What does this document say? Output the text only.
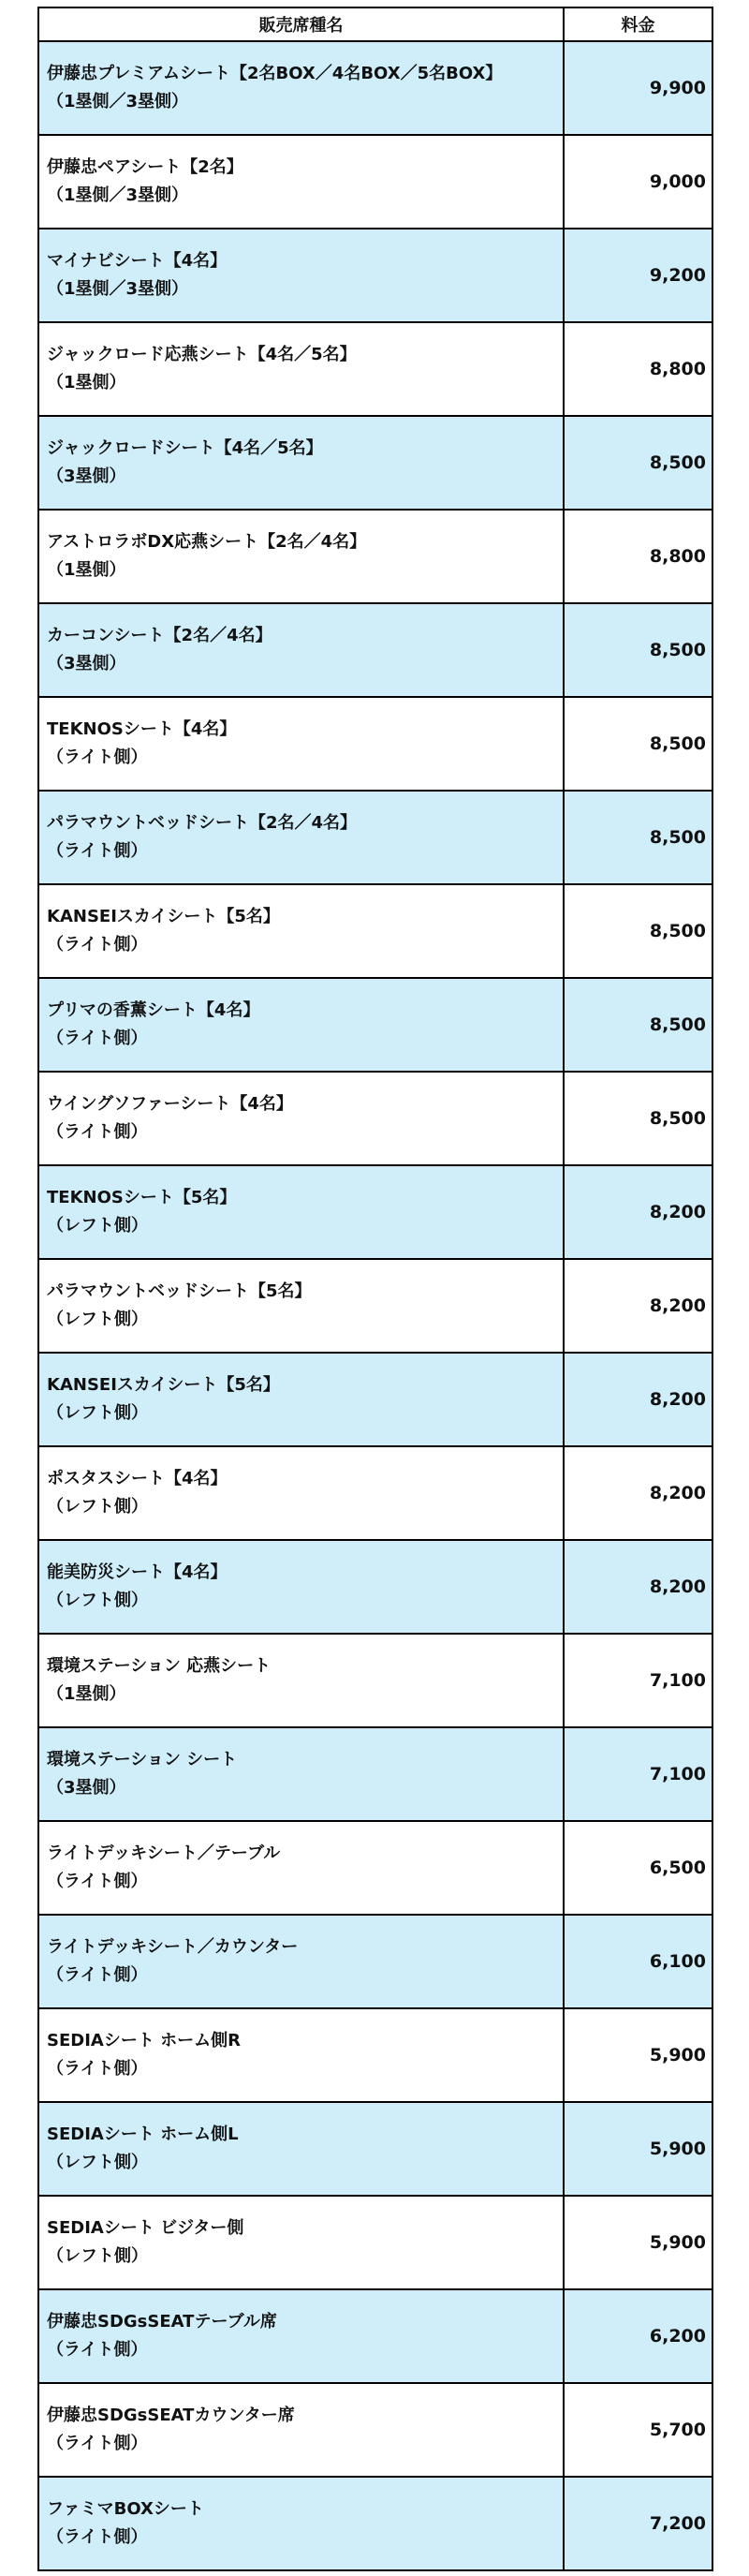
販売席種名	料金

伊藤忠プレミアムシート【2名BOX／4名BOX／5名BOX】
（1塁側／3塁側）	9,900

伊藤忠ペアシート【2名】
（1塁側／3塁側）	9,000

マイナビシート【4名】
（1塁側／3塁側）	9,200

ジャックロード応燕シート【4名／5名】
（1塁側）	8,800

ジャックロードシート【4名／5名】
（3塁側）	8,500

アストロラボDX応燕シート【2名／4名】
（1塁側）	8,800

カーコンシート【2名／4名】
（3塁側）	8,500

TEKNOSシート【4名】
（ライト側）	8,500

パラマウントベッドシート【2名／4名】
（ライト側）	8,500

KANSEIスカイシート【5名】
（ライト側）	8,500

プリマの香薫シート【4名】
（ライト側）	8,500

ウイングソファーシート【4名】
（ライト側）	8,500

TEKNOSシート【5名】
（レフト側）	8,200

パラマウントベッドシート【5名】
（レフト側）	8,200

KANSEIスカイシート【5名】
（レフト側）	8,200

ポスタスシート【4名】
（レフト側）	8,200

能美防災シート【4名】
（レフト側）	8,200

環境ステーション 応燕シート
（1塁側）	7,100

環境ステーション シート
（3塁側）	7,100

ライトデッキシート／テーブル
（ライト側）	6,500

ライトデッキシート／カウンター
（ライト側）	6,100

SEDIAシート ホーム側R
（ライト側）	5,900

SEDIAシート ホーム側L
（レフト側）	5,900

SEDIAシート ビジター側
（レフト側）	5,900

伊藤忠SDGsSEATテーブル席
（ライト側）	6,200

伊藤忠SDGsSEATカウンター席
（ライト側）	5,700

ファミマBOXシート
（ライト側）	7,200
